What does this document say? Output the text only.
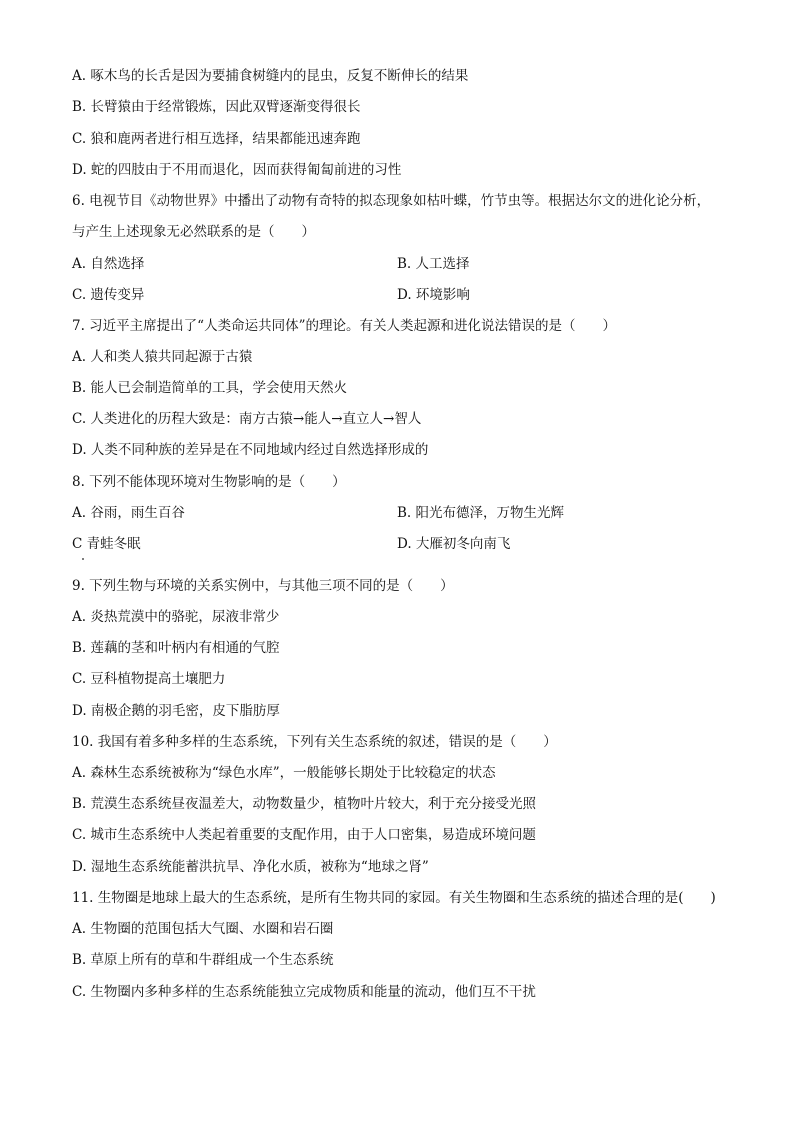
A. 啄木鸟的长舌是因为要捕食树缝内的昆虫，反复不断伸长的结果
B. 长臂猿由于经常锻炼，因此双臂逐渐变得很长
C. 狼和鹿两者进行相互选择，结果都能迅速奔跑
D. 蛇的四肢由于不用而退化，因而获得匍匐前进的习性
6. 电视节目《动物世界》中播出了动物有奇特的拟态现象如枯叶蝶，竹节虫等。根据达尔文的进化论分析，
与产生上述现象无必然联系的是（　　）
A. 自然选择	B. 人工选择
C. 遗传变异	D. 环境影响
7. 习近平主席提出了“人类命运共同体”的理论。有关人类起源和进化说法错误的是（　　）
A. 人和类人猿共同起源于古猿
B. 能人已会制造简单的工具，学会使用天然火
C. 人类进化的历程大致是：南方古猿→能人→直立人→智人
D. 人类不同种族的差异是在不同地域内经过自然选择形成的
8. 下列不能体现环境对生物影响的是（　　）
A. 谷雨，雨生百谷	B. 阳光布德泽，万物生光辉
C 青蛙冬眠	D. 大雁初冬向南飞
9. 下列生物与环境的关系实例中，与其他三项不同的是（　　）
A. 炎热荒漠中的骆驼，尿液非常少
B. 莲藕的茎和叶柄内有相通的气腔
C. 豆科植物提高土壤肥力
D. 南极企鹅的羽毛密，皮下脂肪厚
10. 我国有着多种多样的生态系统，下列有关生态系统的叙述，错误的是（　　）
A. 森林生态系统被称为“绿色水库”，一般能够长期处于比较稳定的状态
B. 荒漠生态系统昼夜温差大，动物数量少，植物叶片较大，利于充分接受光照
C. 城市生态系统中人类起着重要的支配作用，由于人口密集，易造成环境问题
D. 湿地生态系统能蓄洪抗旱、净化水质，被称为“地球之肾”
11. 生物圈是地球上最大的生态系统，是所有生物共同的家园。有关生物圈和生态系统的描述合理的是(　　)
A. 生物圈的范围包括大气圈、水圈和岩石圈
B. 草原上所有的草和牛群组成一个生态系统
C. 生物圈内多种多样的生态系统能独立完成物质和能量的流动，他们互不干扰
